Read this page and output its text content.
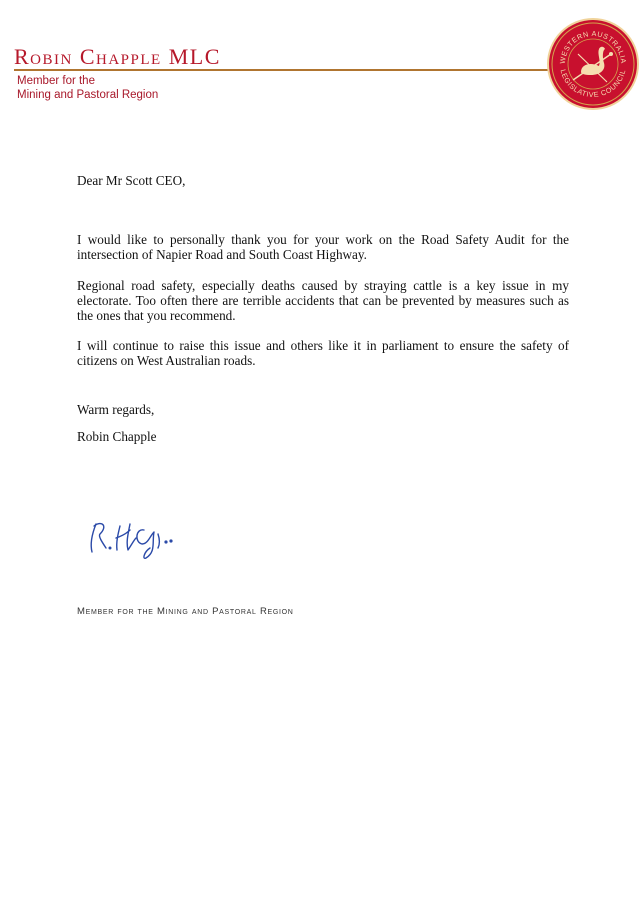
Robin Chapple MLC
Member for the
Mining and Pastoral Region
WESTERN AUSTRALIA
LEGISLATIVE COUNCIL

Dear Mr Scott CEO,

I would like to personally thank you for your work on the Road Safety Audit for the intersection of Napier Road and South Coast Highway.

Regional road safety, especially deaths caused by straying cattle is a key issue in my electorate. Too often there are terrible accidents that can be prevented by measures such as the ones that you recommend.

I will continue to raise this issue and others like it in parliament to ensure the safety of citizens on West Australian roads.

Warm regards,
Robin Chapple
Member for the Mining and Pastoral Region
